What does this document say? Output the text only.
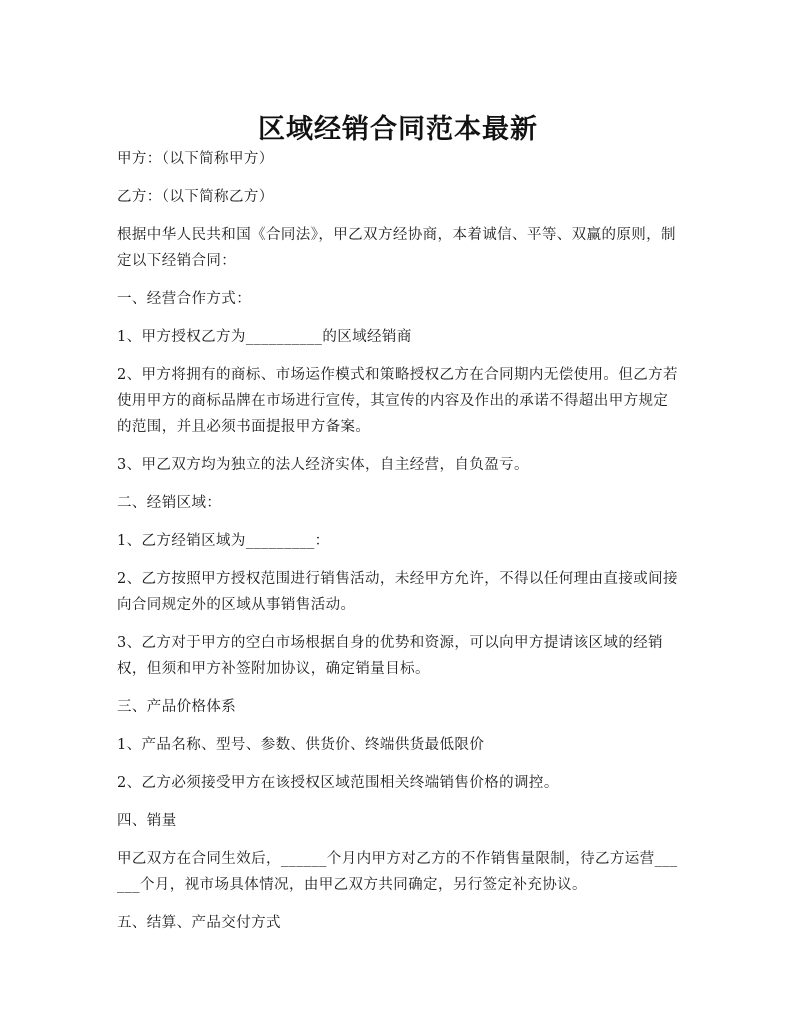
区域经销合同范本最新

甲方：（以下简称甲方）

乙方：（以下简称乙方）

根据中华人民共和国《合同法》，甲乙双方经协商，本着诚信、平等、双赢的原则，制定以下经销合同：

一、经营合作方式：

1、甲方授权乙方为__________的区域经销商

2、甲方将拥有的商标、市场运作模式和策略授权乙方在合同期内无偿使用。但乙方若使用甲方的商标品牌在市场进行宣传，其宣传的内容及作出的承诺不得超出甲方规定的范围，并且必须书面提报甲方备案。

3、甲乙双方均为独立的法人经济实体，自主经营，自负盈亏。

二、经销区域：

1、乙方经销区域为_________：

2、乙方按照甲方授权范围进行销售活动，未经甲方允许，不得以任何理由直接或间接向合同规定外的区域从事销售活动。

3、乙方对于甲方的空白市场根据自身的优势和资源，可以向甲方提请该区域的经销权，但须和甲方补签附加协议，确定销量目标。

三、产品价格体系

1、产品名称、型号、参数、供货价、终端供货最低限价

2、乙方必须接受甲方在该授权区域范围相关终端销售价格的调控。

四、销量

甲乙双方在合同生效后，______个月内甲方对乙方的不作销售量限制，待乙方运营______个月，视市场具体情况，由甲乙双方共同确定，另行签定补充协议。

五、结算、产品交付方式
